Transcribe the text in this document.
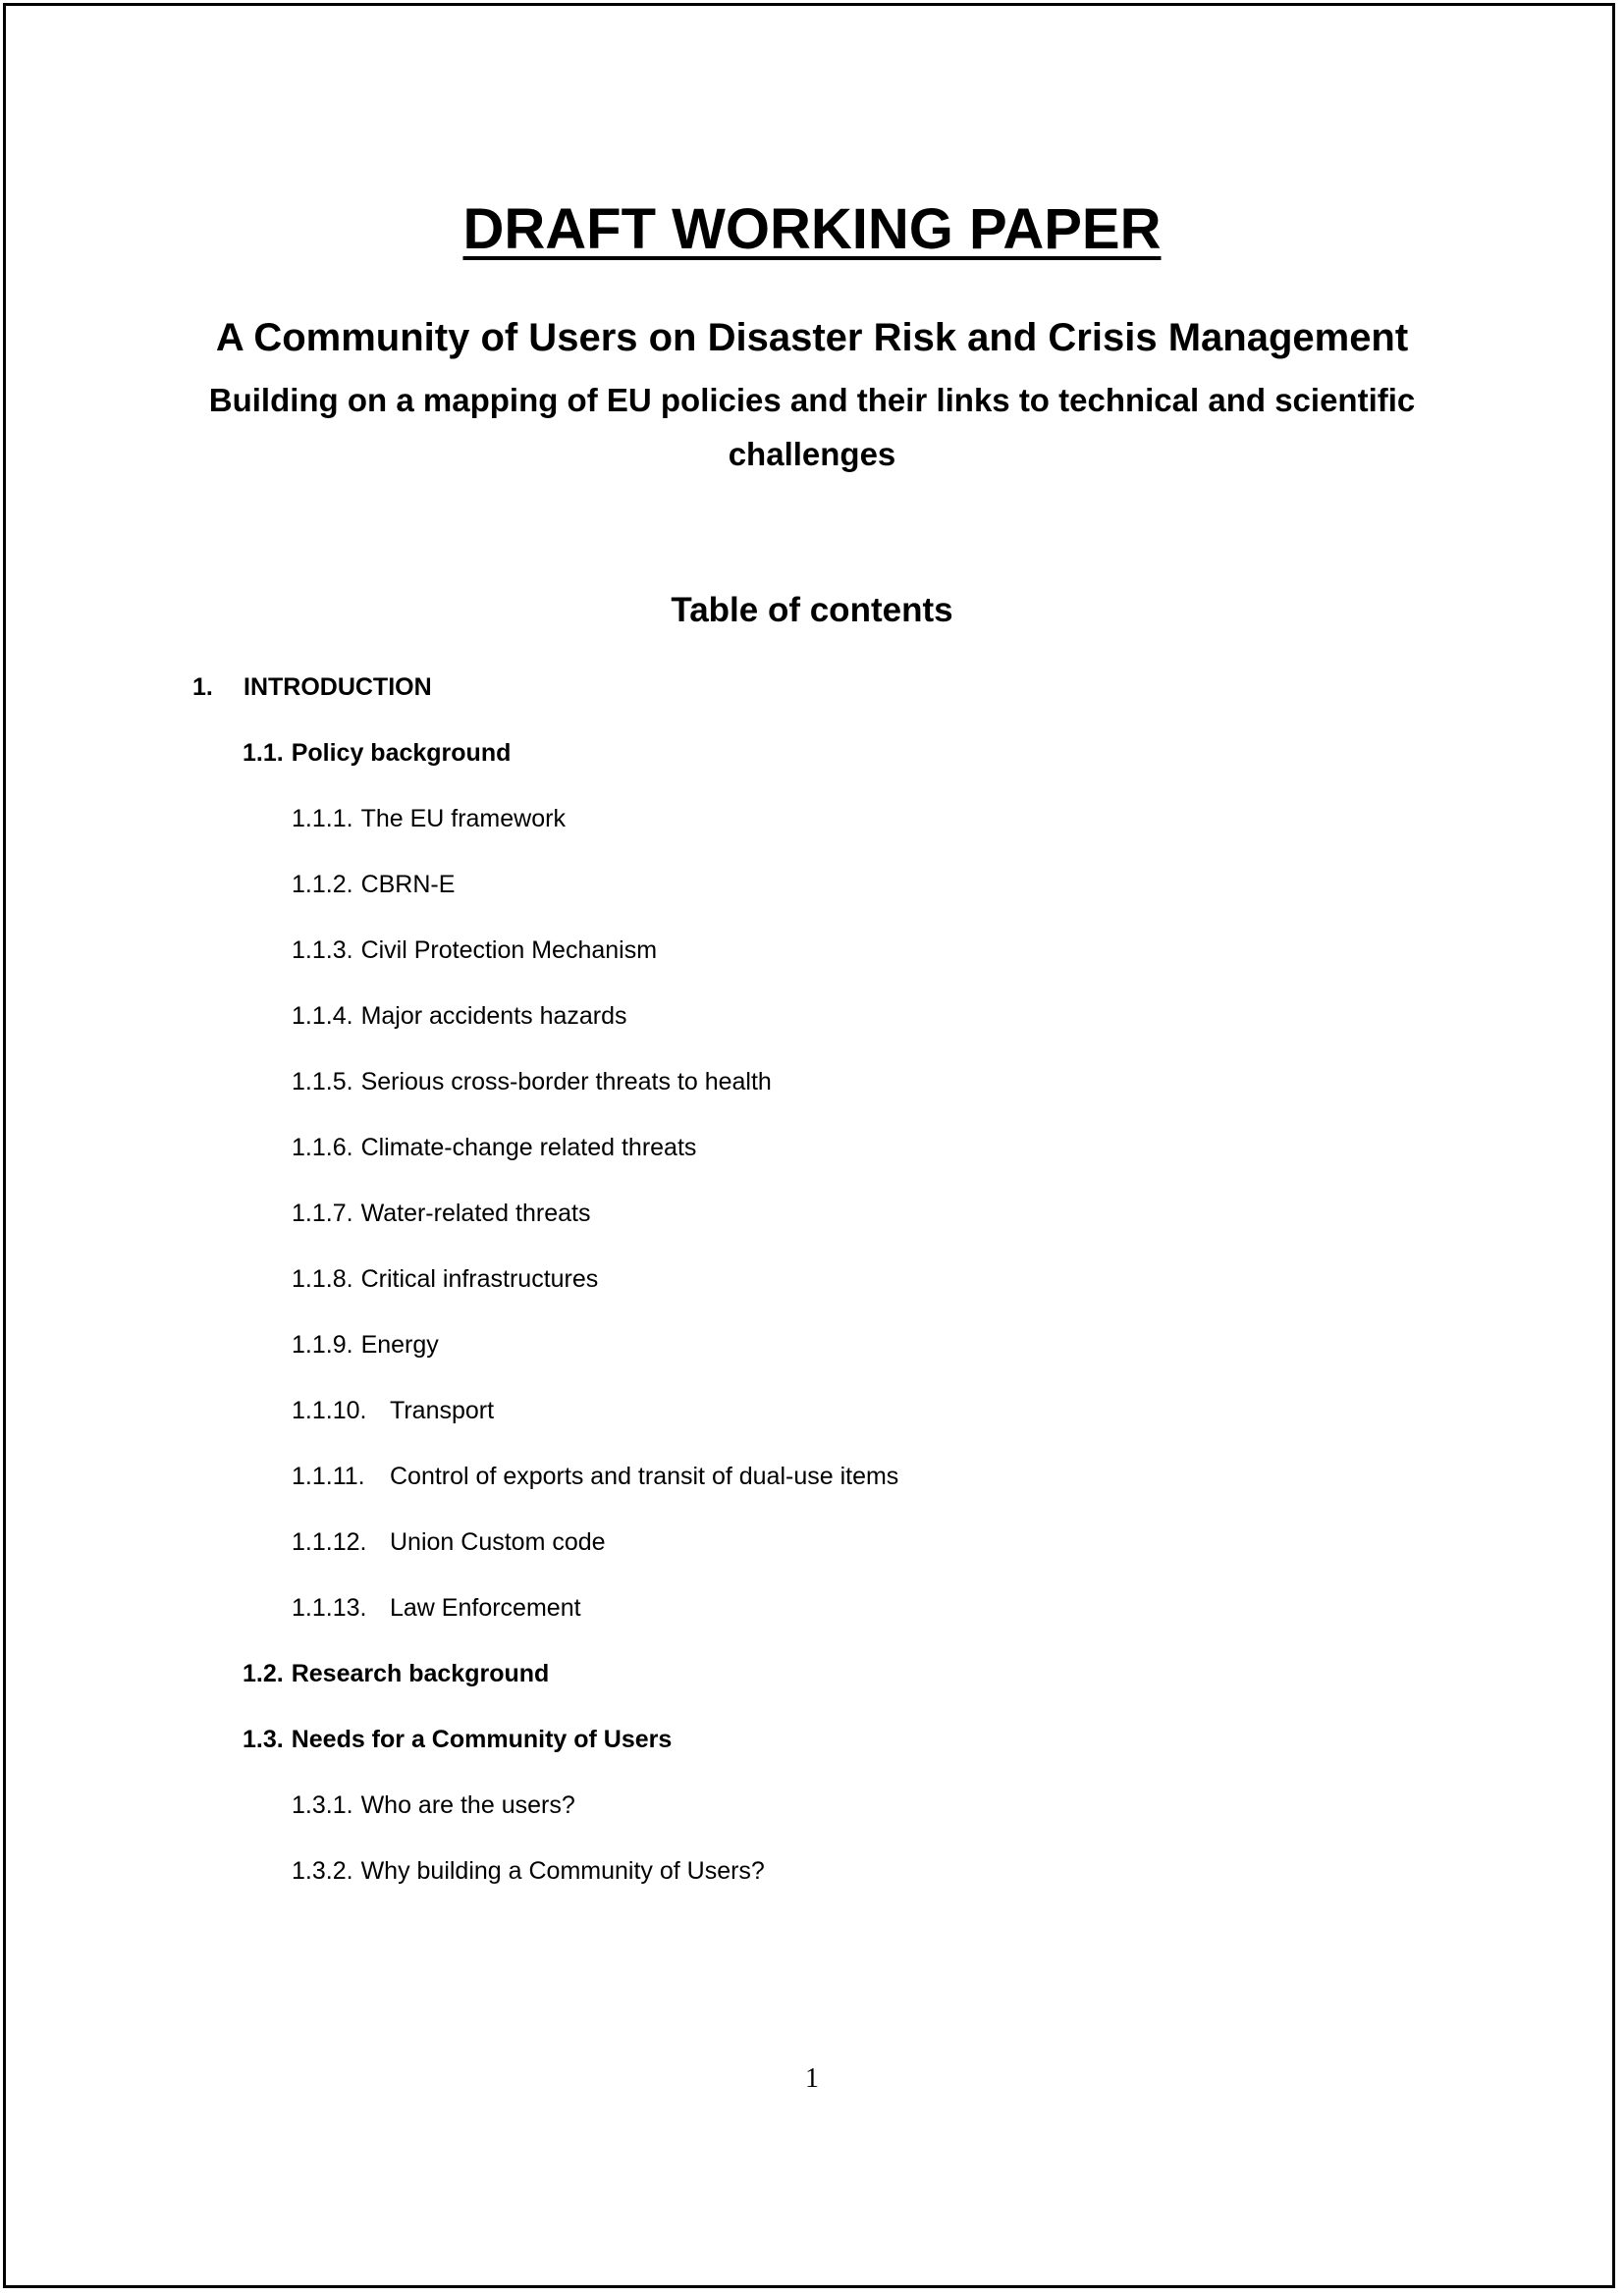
DRAFT WORKING PAPER
A Community of Users on Disaster Risk and Crisis Management
Building on a mapping of EU policies and their links to technical and scientific challenges
Table of contents
1. INTRODUCTION
1.1. Policy background
1.1.1. The EU framework
1.1.2. CBRN-E
1.1.3. Civil Protection Mechanism
1.1.4. Major accidents hazards
1.1.5. Serious cross-border threats to health
1.1.6. Climate-change related threats
1.1.7. Water-related threats
1.1.8. Critical infrastructures
1.1.9. Energy
1.1.10. Transport
1.1.11. Control of exports and transit of dual-use items
1.1.12. Union Custom code
1.1.13. Law Enforcement
1.2. Research background
1.3. Needs for a Community of Users
1.3.1. Who are the users?
1.3.2. Why building a Community of Users?
1
